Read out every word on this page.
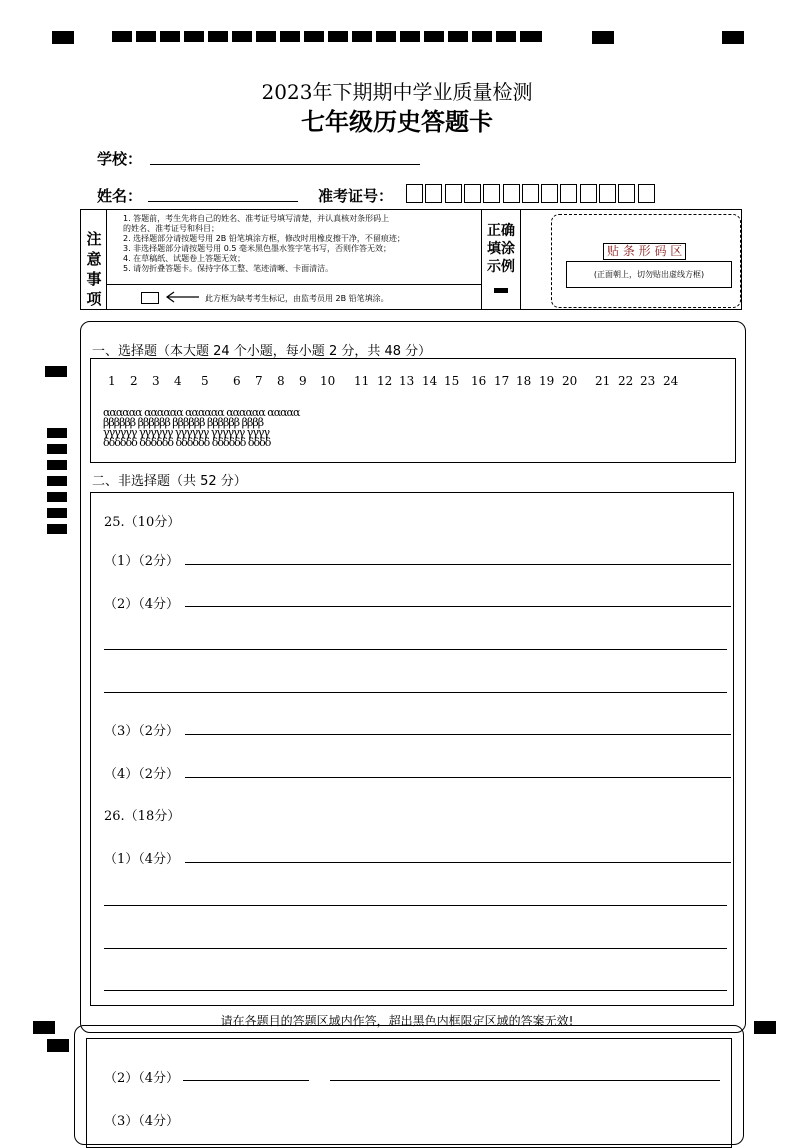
2023年下期期中学业质量检测
七年级历史答题卡
学校：
姓名：	准考证号：
注
意
事
项
1. 答题前，考生先将自己的姓名、准考证号填写清楚，并认真核对条形码上
的姓名、准考证号和科目；
2. 选择题部分请按题号用 2B 铅笔填涂方框，修改时用橡皮擦干净，不留痕迹；
3. 非选择题部分请按题号用 0.5 毫米黑色墨水签字笔书写，否则作答无效；
4. 在草稿纸、试题卷上答题无效；
5. 请勿折叠答题卡。保持字体工整、笔迹清晰、卡面清洁。
此方框为缺考考生标记，由监考员用 2B 铅笔填涂。
正确
填涂
示例
贴 条 形 码 区
(正面朝上，切勿贴出虚线方框)
一、选择题（本大题 24 个小题，每小题 2 分，共 48 分）
1 2 3 4 5 6 7 8 9 10 11 12 13 14 15 16 17 18 19 20 21 22 23 24

αααααα αααααα αααααα αααααα ααααα
ββββββ ββββββ ββββββ ββββββ ββββ
γγγγγγ γγγγγγ γγγγγγ γγγγγγ γγγγ
δδδδδδ δδδδδδ δδδδδδ δδδδδδ δδδδ
二、非选择题（共 52 分）
25.（10分）
（1）（2分）
（2）（4分）
（3）（2分）
（4）（2分）
26.（18分）
（1）（4分）
请在各题目的答题区域内作答，超出黑色内框限定区域的答案无效!
（2）（4分）
（3）（4分）
